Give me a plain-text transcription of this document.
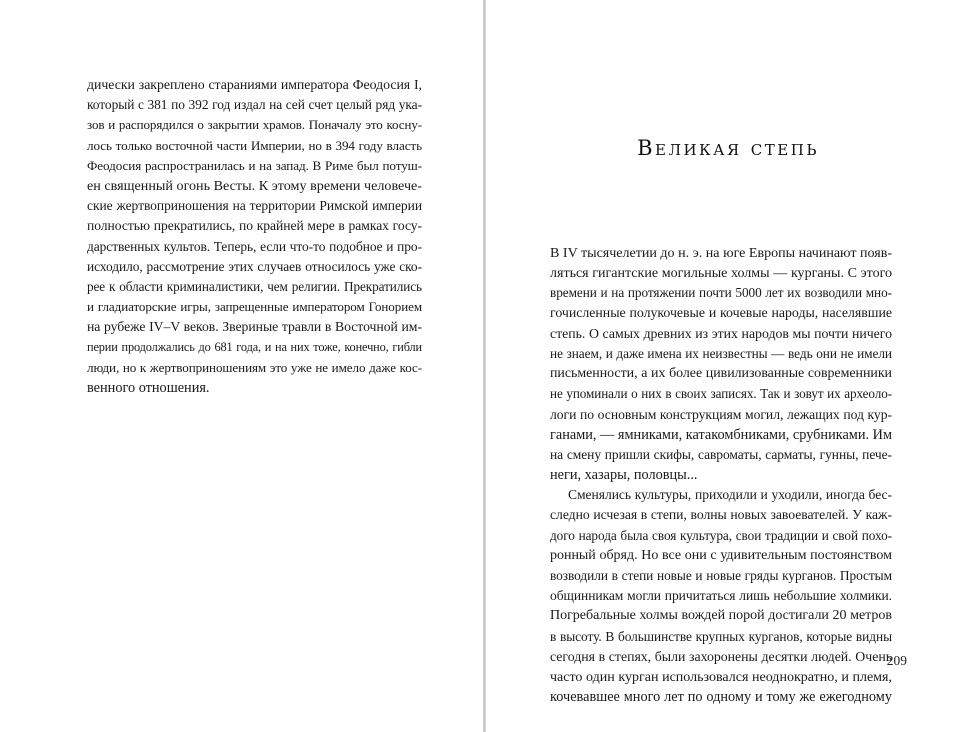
дически закреплено стараниями императора Феодосия I,
который с 381 по 392 год издал на сей счет целый ряд ука-
зов и распорядился о закрытии храмов. Поначалу это косну-
лось только восточной части Империи, но в 394 году власть
Феодосия распространилась и на запад. В Риме был потуш-
ен священный огонь Весты. К этому времени человече-
ские жертвоприношения на территории Римской империи
полностью прекратились, по крайней мере в рамках госу-
дарственных культов. Теперь, если что-то подобное и про-
исходило, рассмотрение этих случаев относилось уже ско-
рее к области криминалистики, чем религии. Прекратились
и гладиаторские игры, запрещенные императором Гонорием
на рубеже IV–V веков. Звериные травли в Восточной им-
перии продолжались до 681 года, и на них тоже, конечно, гибли
люди, но к жертвоприношениям это уже не имело даже кос-
венного отношения.

Великая степь

В IV тысячелетии до н. э. на юге Европы начинают появ-
ляться гигантские могильные холмы — курганы. С этого
времени и на протяжении почти 5000 лет их возводили мно-
гочисленные полукочевые и кочевые народы, населявшие
степь. О самых древних из этих народов мы почти ничего
не знаем, и даже имена их неизвестны — ведь они не имели
письменности, а их более цивилизованные современники
не упоминали о них в своих записях. Так и зовут их археоло-
логи по основным конструкциям могил, лежащих под кур-
ганами, — ямниками, катакомбниками, срубниками. Им
на смену пришли скифы, савроматы, сарматы, гунны, пече-
неги, хазары, половцы...

Сменялись культуры, приходили и уходили, иногда бес-
следно исчезая в степи, волны новых завоевателей. У каж-
дого народа была своя культура, свои традиции и свой похо-
ронный обряд. Но все они с удивительным постоянством
возводили в степи новые и новые гряды курганов. Простым
общинникам могли причитаться лишь небольшие холмики.
Погребальные холмы вождей порой достигали 20 метров
в высоту. В большинстве крупных курганов, которые видны
сегодня в степях, были захоронены десятки людей. Очень
часто один курган использовался неоднократно, и племя,
кочевавшее много лет по одному и тому же ежегодному

209
